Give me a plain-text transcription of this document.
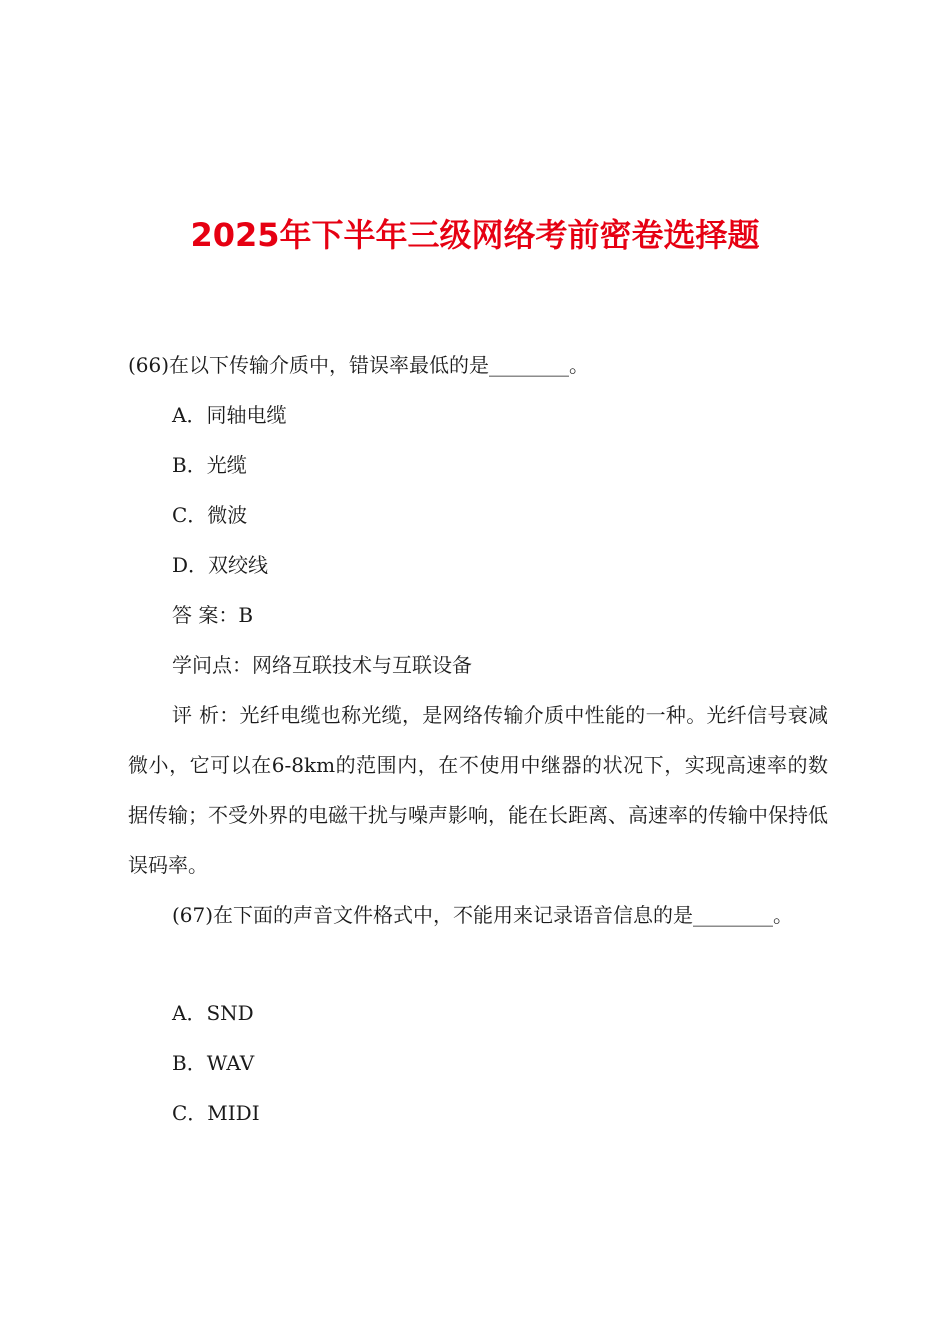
2025年下半年三级网络考前密卷选择题
(66)在以下传输介质中，错误率最低的是________。
A．同轴电缆
B．光缆
C．微波
D．双绞线
答 案：B
学问点：网络互联技术与互联设备
评 析：光纤电缆也称光缆，是网络传输介质中性能的一种。光纤信号衰减微小，它可以在6-8km的范围内，在不使用中继器的状况下，实现高速率的数据传输；不受外界的电磁干扰与噪声影响，能在长距离、高速率的传输中保持低误码率。
(67)在下面的声音文件格式中，不能用来记录语音信息的是________。
A．SND
B．WAV
C．MIDI
